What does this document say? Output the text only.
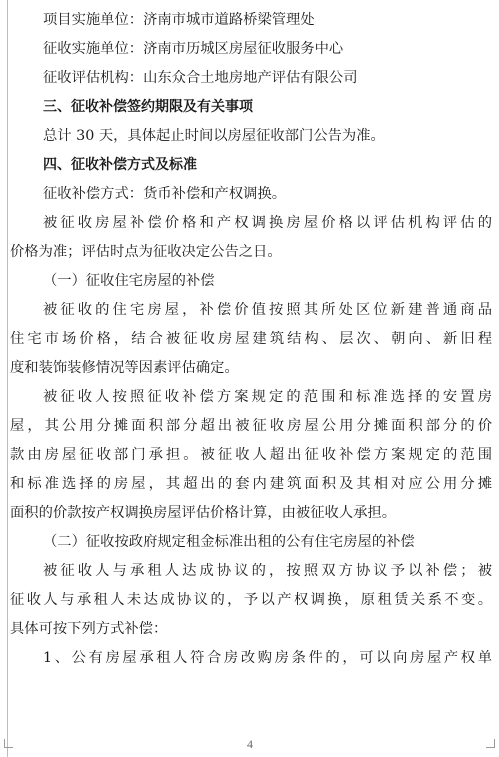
项目实施单位：济南市城市道路桥梁管理处
征收实施单位：济南市历城区房屋征收服务中心
征收评估机构：山东众合土地房地产评估有限公司
三、征收补偿签约期限及有关事项
总计 30 天，具体起止时间以房屋征收部门公告为准。
四、征收补偿方式及标准
征收补偿方式：货币补偿和产权调换。
被征收房屋补偿价格和产权调换房屋价格以评估机构评估的
价格为准；评估时点为征收决定公告之日。
（一）征收住宅房屋的补偿
被征收的住宅房屋，补偿价值按照其所处区位新建普通商品
住宅市场价格，结合被征收房屋建筑结构、层次、朝向、新旧程
度和装饰装修情况等因素评估确定。
被征收人按照征收补偿方案规定的范围和标准选择的安置房
屋，其公用分摊面积部分超出被征收房屋公用分摊面积部分的价
款由房屋征收部门承担。被征收人超出征收补偿方案规定的范围
和标准选择的房屋，其超出的套内建筑面积及其相对应公用分摊
面积的价款按产权调换房屋评估价格计算，由被征收人承担。
（二）征收按政府规定租金标准出租的公有住宅房屋的补偿
被征收人与承租人达成协议的，按照双方协议予以补偿；被
征收人与承租人未达成协议的，予以产权调换，原租赁关系不变。
具体可按下列方式补偿：
1、公有房屋承租人符合房改购房条件的，可以向房屋产权单
4
